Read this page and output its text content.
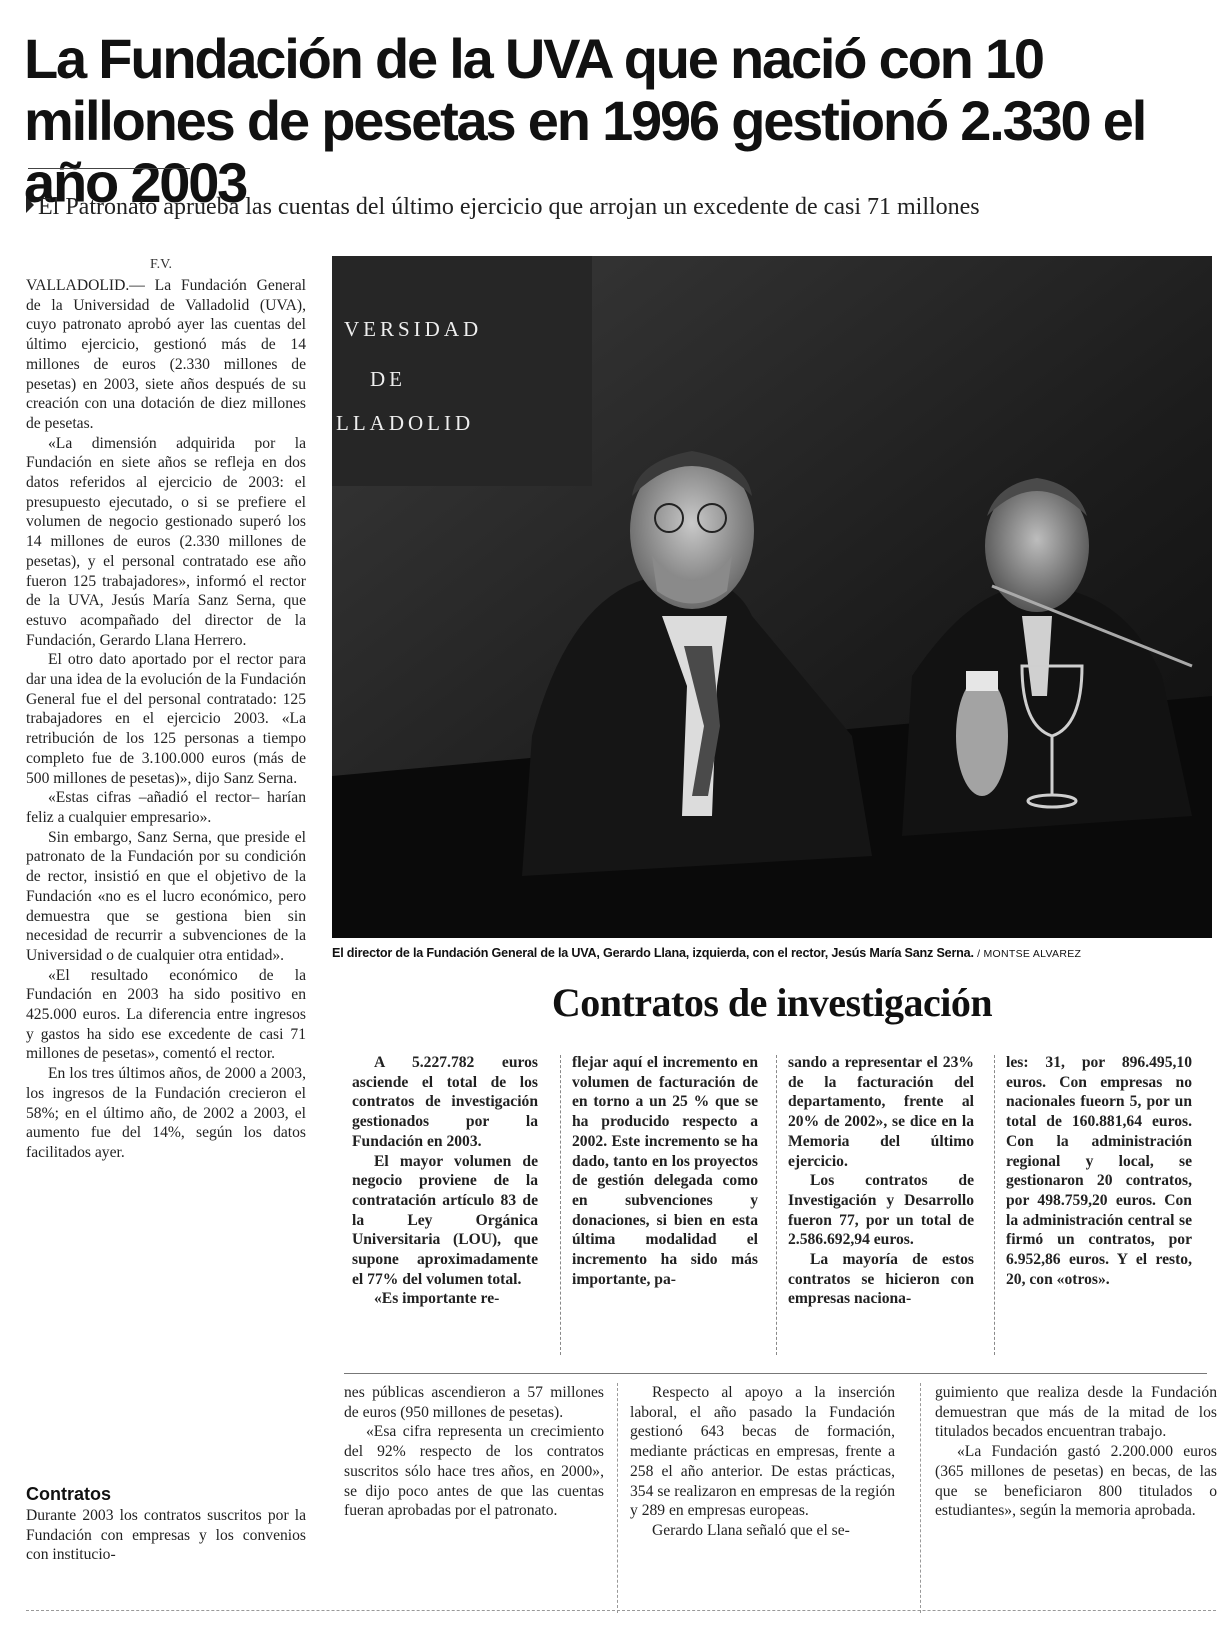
La Fundación de la UVA que nació con 10 millones de pesetas en 1996 gestionó 2.330 el año 2003
El Patronato aprueba las cuentas del último ejercicio que arrojan un excedente de casi 71 millones
F.V.

VALLADOLID.— La Fundación General de la Universidad de Valladolid (UVA), cuyo patronato aprobó ayer las cuentas del último ejercicio, gestionó más de 14 millones de euros (2.330 millones de pesetas) en 2003, siete años después de su creación con una dotación de diez millones de pesetas.

«La dimensión adquirida por la Fundación en siete años se refleja en dos datos referidos al ejercicio de 2003: el presupuesto ejecutado, o si se prefiere el volumen de negocio gestionado superó los 14 millones de euros (2.330 millones de pesetas), y el personal contratado ese año fueron 125 trabajadores», informó el rector de la UVA, Jesús María Sanz Serna, que estuvo acompañado del director de la Fundación, Gerardo Llana Herrero.

El otro dato aportado por el rector para dar una idea de la evolución de la Fundación General fue el del personal contratado: 125 trabajadores en el ejercicio 2003. «La retribución de los 125 personas a tiempo completo fue de 3.100.000 euros (más de 500 millones de pesetas)», dijo Sanz Serna.

«Estas cifras –añadió el rector– harían feliz a cualquier empresario».

Sin embargo, Sanz Serna, que preside el patronato de la Fundación por su condición de rector, insistió en que el objetivo de la Fundación «no es el lucro económico, pero demuestra que se gestiona bien sin necesidad de recurrir a subvenciones de la Universidad o de cualquier otra entidad».

«El resultado económico de la Fundación en 2003 ha sido positivo en 425.000 euros. La diferencia entre ingresos y gastos ha sido ese excedente de casi 71 millones de pesetas», comentó el rector.

En los tres últimos años, de 2000 a 2003, los ingresos de la Fundación crecieron el 58%; en el último año, de 2002 a 2003, el aumento fue del 14%, según los datos facilitados ayer.

Contratos

Durante 2003 los contratos suscritos por la Fundación con empresas y los convenios con institucio-

VERSIDAD
DE
LLADOLID
El director de la Fundación General de la UVA, Gerardo Llana, izquierda, con el rector, Jesús María Sanz Serna. / MONTSE ALVAREZ
Contratos de investigación

A 5.227.782 euros asciende el total de los contratos de investigación gestionados por la Fundación en 2003.

El mayor volumen de negocio proviene de la contratación artículo 83 de la Ley Orgánica Universitaria (LOU), que supone aproximadamente el 77% del volumen total.

«Es importante re-

flejar aquí el incremento en volumen de facturación de en torno a un 25 % que se ha producido respecto a 2002. Este incremento se ha dado, tanto en los proyectos de gestión delegada como en subvenciones y donaciones, si bien en esta última modalidad el incremento ha sido más importante, pa-

sando a representar el 23% de la facturación del departamento, frente al 20% de 2002», se dice en la Memoria del último ejercicio.

Los contratos de Investigación y Desarrollo fueron 77, por un total de 2.586.692,94 euros.

La mayoría de estos contratos se hicieron con empresas naciona-

les: 31, por 896.495,10 euros. Con empresas no nacionales fueorn 5, por un total de 160.881,64 euros. Con la administración regional y local, se gestionaron 20 contratos, por 498.759,20 euros. Con la administración central se firmó un contratos, por 6.952,86 euros. Y el resto, 20, con «otros».

nes públicas ascendieron a 57 millones de euros (950 millones de pesetas).

«Esa cifra representa un crecimiento del 92% respecto de los contratos suscritos sólo hace tres años, en 2000», se dijo poco antes de que las cuentas fueran aprobadas por el patronato.

Respecto al apoyo a la inserción laboral, el año pasado la Fundación gestionó 643 becas de formación, mediante prácticas en empresas, frente a 258 el año anterior. De estas prácticas, 354 se realizaron en empresas de la región y 289 en empresas europeas.

Gerardo Llana señaló que el se-

guimiento que realiza desde la Fundación demuestran que más de la mitad de los titulados becados encuentran trabajo.

«La Fundación gastó 2.200.000 euros (365 millones de pesetas) en becas, de las que se beneficiaron 800 titulados o estudiantes», según la memoria aprobada.
